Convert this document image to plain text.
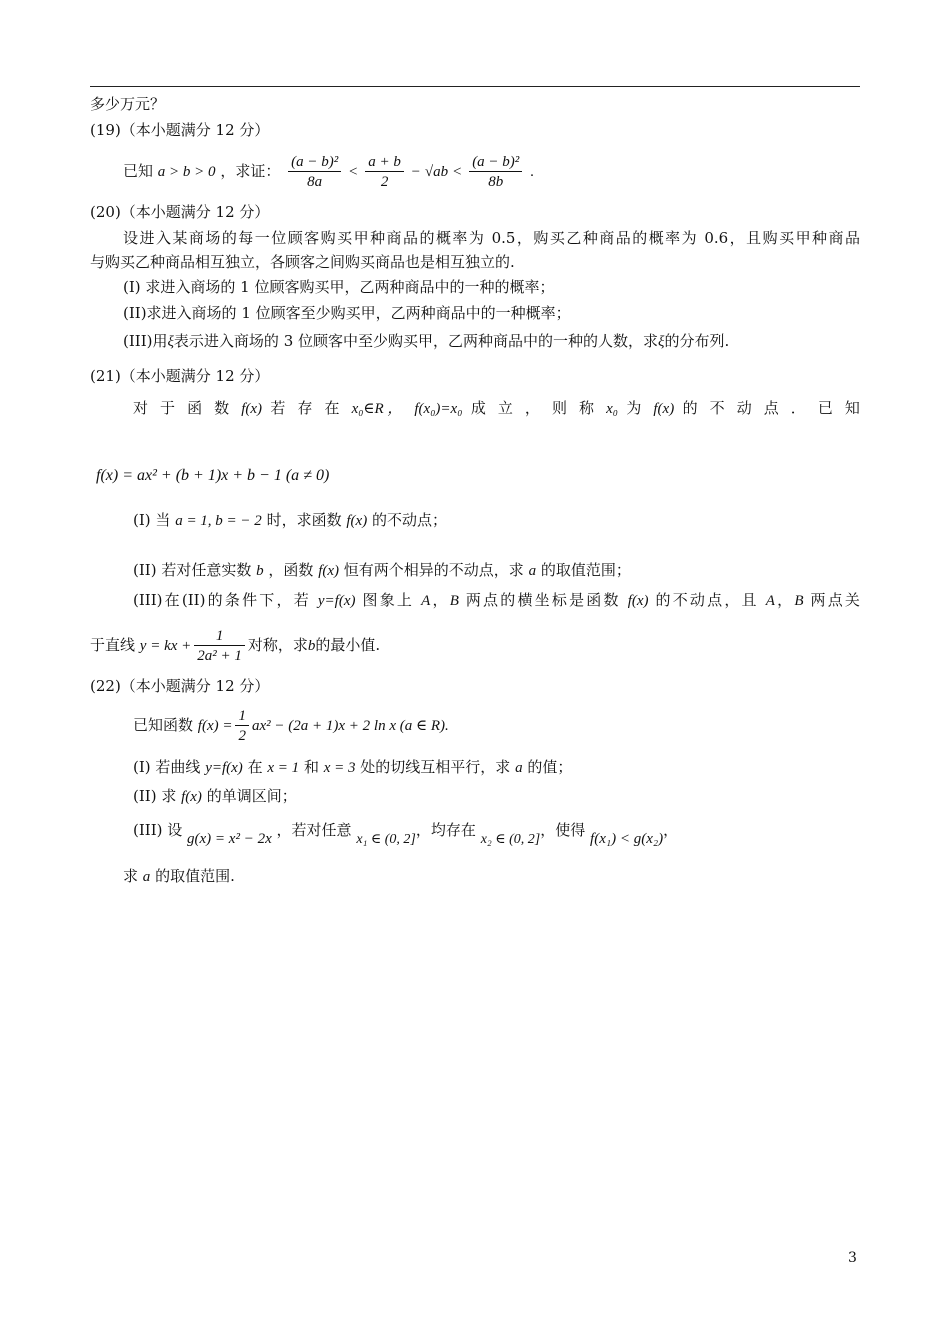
多少万元？
(19)（本小题满分 12 分）
已知 a > b > 0 ，求证： $\frac{\text{(a − b)²}}{8a} < \frac{a + b}{2} - √ab < \frac{\text{(a − b)²}}{8b}$ .
(20)（本小题满分 12 分）
设进入某商场的每一位顾客购买甲种商品的概率为 0.5，购买乙种商品的概率为 0.6，且购买甲种商品
与购买乙种商品相互独立，各顾客之间购买商品也是相互独立的.
(I) 求进入商场的 1 位顾客购买甲，乙两种商品中的一种的概率；
(II)求进入商场的 1 位顾客至少购买甲，乙两种商品中的一种概率；
(III)用ξ表示进入商场的 3 位顾客中至少购买甲，乙两种商品中的一种的人数，求ξ的分布列.
(21)（本小题满分 12 分）
对 于 函 数 f(x) 若 存 在 x₀∈R， f(x₀)=x₀ 成 立 ， 则 称 x₀ 为 f(x) 的 不 动 点 ． 已 知
f(x) = ax² + (b + 1)x + b − 1 (a ≠ 0)
(I) 当 a = 1, b = − 2 时，求函数 f(x) 的不动点；
(II) 若对任意实数 b ，函数 f(x) 恒有两个相异的不动点，求 a 的取值范围；
(III)在(II)的条件下，若 y=f(x) 图象上 A，B 两点的横坐标是函数 f(x) 的不动点，且 A，B 两点关
于直线 y = kx + $\frac{1}{\text{2a² + 1}}$ 对称，求b的最小值.
(22)（本小题满分 12 分）
已知函数 $f(x) = \frac{1}{2} ax^2 - (2a + 1)x + 2$ ln x (a ∈ R).
(I) 若曲线 y=f(x) 在 x = 1 和 x = 3 处的切线互相平行，求 a 的值；
(II) 求 f(x) 的单调区间；
(III) 设 g(x) = x² − 2x ，若对任意 x₁ ∈ (0, 2]，均存在 x₂ ∈ (0, 2]，使得 f(x₁) < g(x₂)，
求 a 的取值范围.
3
